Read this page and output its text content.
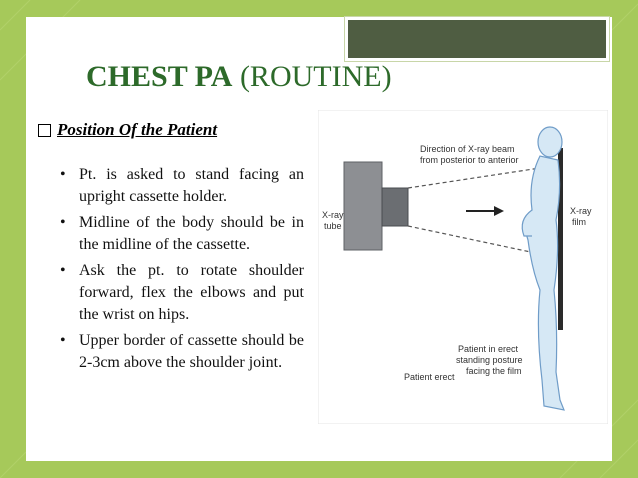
CHEST PA (ROUTINE)
Position Of the Patient
• Pt. is asked to stand facing an upright cassette holder.
• Midline of the body should be in the midline of the cassette.
• Ask the pt. to rotate shoulder forward, flex the elbows and put the wrist on hips.
• Upper border of cassette should be 2-3cm above the shoulder joint.
Direction of X-ray beam
from posterior to anterior
X-ray
tube
X-ray
film
Patient erect
Patient in erect
standing posture
facing the film
